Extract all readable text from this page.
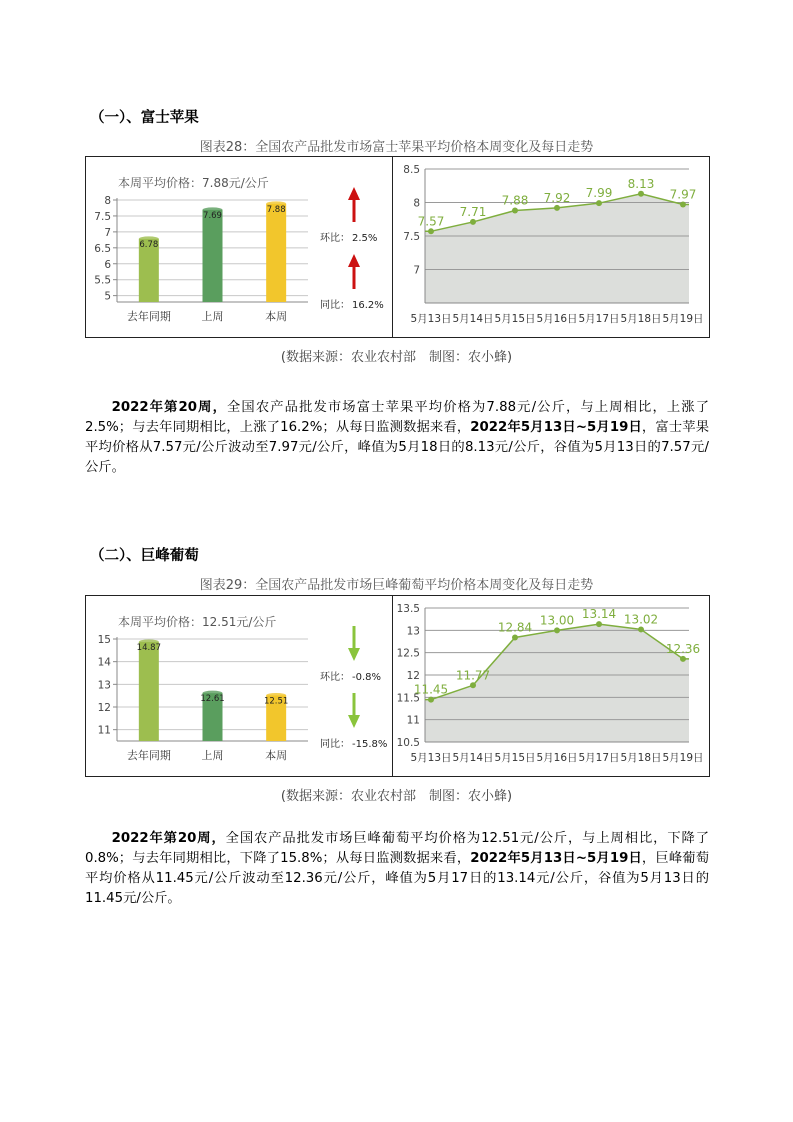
（一）、富士苹果
图表28：全国农产品批发市场富士苹果平均价格本周变化及每日走势
本周平均价格：7.88元/公斤
5
5.5
6
6.5
7
7.5
8
6.78
去年同期
7.69
上周
7.88
本周
环比： 2.5%
同比： 16.2%
7
7.5
8
8.5
7.57
5月13日
7.71
5月14日
7.88
5月15日
7.92
5月16日
7.99
5月17日
8.13
5月18日
7.97
5月19日
(数据来源：农业农村部　制图：农小蜂)

2022年第20周，全国农产品批发市场富士苹果平均价格为7.88元/公斤，与上周相比，上涨了2.5%；与去年同期相比，上涨了16.2%；从每日监测数据来看，2022年5月13日~5月19日，富士苹果平均价格从7.57元/公斤波动至7.97元/公斤，峰值为5月18日的8.13元/公斤，谷值为5月13日的7.57元/公斤。

（二）、巨峰葡萄
图表29：全国农产品批发市场巨峰葡萄平均价格本周变化及每日走势
本周平均价格：12.51元/公斤
11
12
13
14
15
14.87
去年同期
12.61
上周
12.51
本周
环比： -0.8%
同比： -15.8% 10.5
11
11.5
12
12.5
13
13.5
11.45
5月13日
11.77
5月14日
12.84
5月15日
13.00
5月16日
13.14
5月17日
13.02
5月18日
12.36
5月19日
(数据来源：农业农村部　制图：农小蜂)

2022年第20周，全国农产品批发市场巨峰葡萄平均价格为12.51元/公斤，与上周相比，下降了0.8%；与去年同期相比，下降了15.8%；从每日监测数据来看，2022年5月13日~5月19日，巨峰葡萄平均价格从11.45元/公斤波动至12.36元/公斤，峰值为5月17日的13.14元/公斤，谷值为5月13日的11.45元/公斤。
